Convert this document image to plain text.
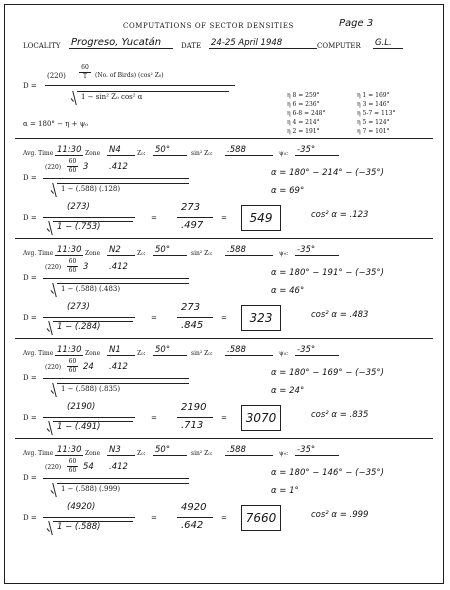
COMPUTATIONS OF SECTOR DENSITIES	Page 3
LOCALITY Progreso, Yucatán	DATE 24-25 April 1948	COMPUTER G.L.
D =
(220)
60
T (No. of Birds) (cos² Z₀)
1 − sin² Z₀ cos² α
α = 180° − η + ψ₀

η 8 = 259°
η 6 = 236°
η 6-8 = 248°
η 4 = 214°
η 2 = 191°

η 1 = 169°
η 3 = 146°
η 5-7 = 113°
η 5 = 124°
η 7 = 101°

Avg. Time 11:30 Zone N4	Z₀: 50°	sin² Z₀: .588	ψ₀: -35°
D =
(220)
60
60 3 .412
1 − (.588) (.128)
α = 180° − 214° − (−35°)
α = 69°
D =
(273)
1 − (.753)
=
273
.497
=	549	cos² α = .123
Avg. Time 11:30 Zone N2	Z₀: 50°	sin² Z₀: .588	ψ₀: -35°
D =
(220)
60
60 3 .412
1 − (.588) (.483)
α = 180° − 191° − (−35°)
α = 46°
D =
(273)
1 − (.284)
=
273
.845
=	323	cos² α = .483
Avg. Time 11:30 Zone N1	Z₀: 50°	sin² Z₀: .588	ψ₀: -35°
D =
(220)
60
60 24 .412
1 − (.588) (.835)
α = 180° − 169° − (−35°)
α = 24°
D =
(2190)
1 − (.491)
=
2190
.713
=	3070	cos² α = .835
Avg. Time 11:30 Zone N3	Z₀: 50°	sin² Z₀: .588	ψ₀: -35°
D =
(220)
60
60 54 .412
1 − (.588) (.999)
α = 180° − 146° − (−35°)
α = 1°
D =
(4920)
1 − (.588)
=
4920
.642
=	7660	cos² α = .999
